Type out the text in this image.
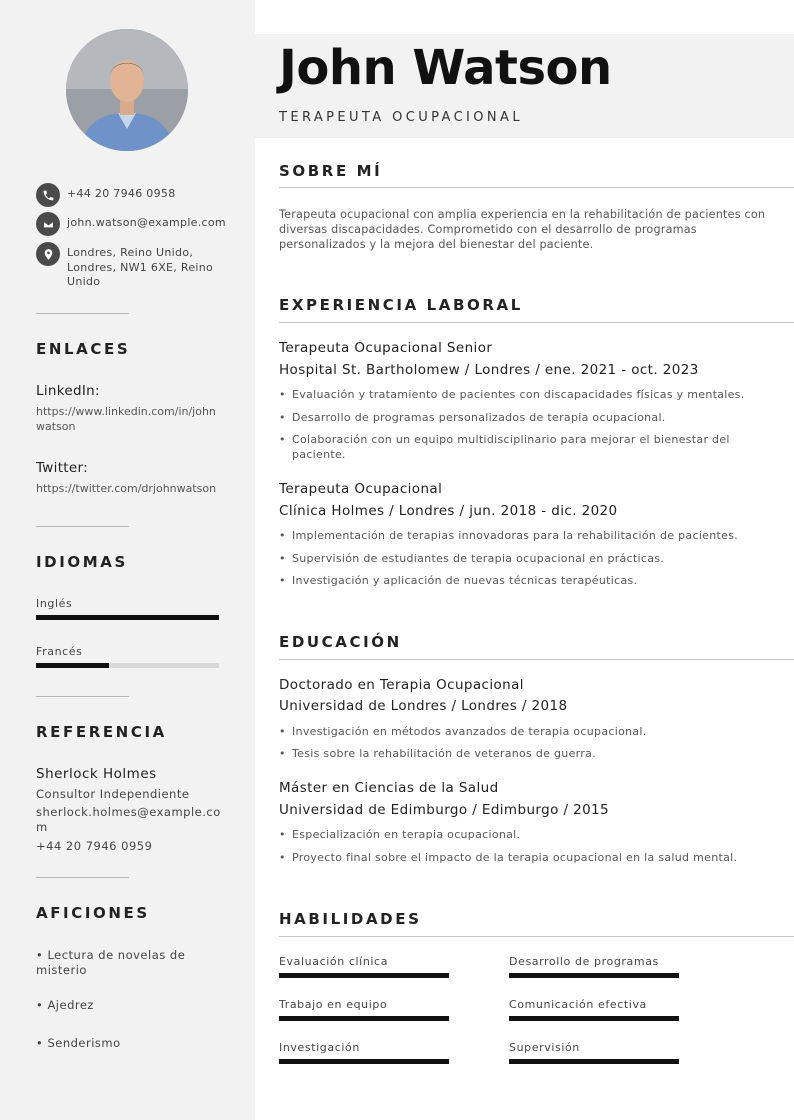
+44 20 7946 0958
john.watson@example.com
Londres, Reino Unido, Londres, NW1 6XE, Reino Unido
ENLACES
LinkedIn:
https://www.linkedin.com/in/johnwatson
Twitter:
https://twitter.com/drjohnwatson
IDIOMAS
Inglés
Francés
REFERENCIA
Sherlock Holmes
Consultor Independiente
sherlock.holmes@example.com
+44 20 7946 0959
AFICIONES
• Lectura de novelas de misterio
• Ajedrez
• Senderismo
John Watson
TERAPEUTA OCUPACIONAL
SOBRE MÍ
Terapeuta ocupacional con amplia experiencia en la rehabilitación de pacientes con diversas discapacidades. Comprometido con el desarrollo de programas personalizados y la mejora del bienestar del paciente.
EXPERIENCIA LABORAL
Terapeuta Ocupacional Senior
Hospital St. Bartholomew / Londres / ene. 2021 - oct. 2023
• Evaluación y tratamiento de pacientes con discapacidades físicas y mentales.
• Desarrollo de programas personalizados de terapia ocupacional.
• Colaboración con un equipo multidisciplinario para mejorar el bienestar del paciente.
Terapeuta Ocupacional
Clínica Holmes / Londres / jun. 2018 - dic. 2020
• Implementación de terapias innovadoras para la rehabilitación de pacientes.
• Supervisión de estudiantes de terapia ocupacional en prácticas.
• Investigación y aplicación de nuevas técnicas terapéuticas.
EDUCACIÓN
Doctorado en Terapia Ocupacional
Universidad de Londres / Londres / 2018
• Investigación en métodos avanzados de terapia ocupacional.
• Tesis sobre la rehabilitación de veteranos de guerra.
Máster en Ciencias de la Salud
Universidad de Edimburgo / Edimburgo / 2015
• Especialización en terapia ocupacional.
• Proyecto final sobre el impacto de la terapia ocupacional en la salud mental.
HABILIDADES
Evaluación clínica	Desarrollo de programas
Trabajo en equipo	Comunicación efectiva
Investigación	Supervisión
